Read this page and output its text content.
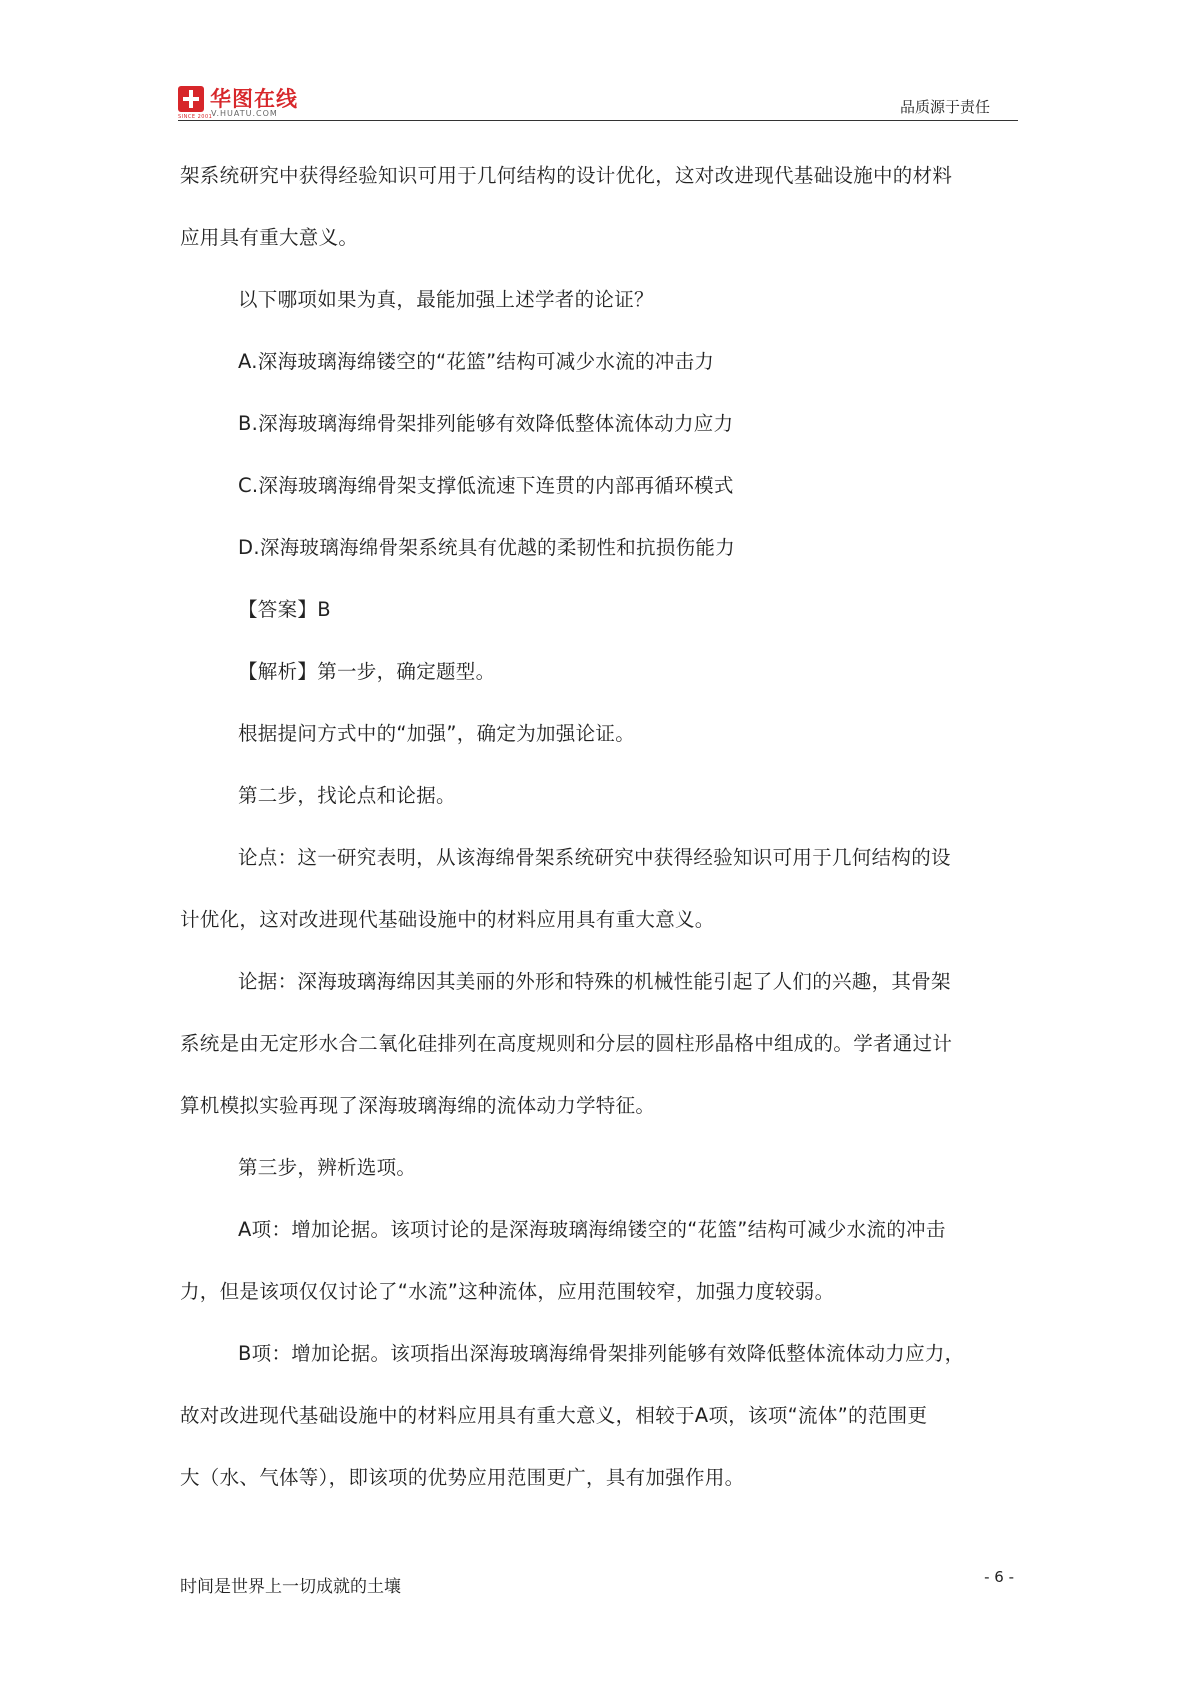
SINCE 2001
华图在线
V.HUATU.COM	品质源于责任
架系统研究中获得经验知识可用于几何结构的设计优化，这对改进现代基础设施中的材料
应用具有重大意义。
以下哪项如果为真，最能加强上述学者的论证？
A.深海玻璃海绵镂空的“花篮”结构可减少水流的冲击力
B.深海玻璃海绵骨架排列能够有效降低整体流体动力应力
C.深海玻璃海绵骨架支撑低流速下连贯的内部再循环模式
D.深海玻璃海绵骨架系统具有优越的柔韧性和抗损伤能力
【答案】B
【解析】第一步，确定题型。
根据提问方式中的“加强”，确定为加强论证。
第二步，找论点和论据。
论点：这一研究表明，从该海绵骨架系统研究中获得经验知识可用于几何结构的设
计优化，这对改进现代基础设施中的材料应用具有重大意义。
论据：深海玻璃海绵因其美丽的外形和特殊的机械性能引起了人们的兴趣，其骨架
系统是由无定形水合二氧化硅排列在高度规则和分层的圆柱形晶格中组成的。学者通过计
算机模拟实验再现了深海玻璃海绵的流体动力学特征。
第三步，辨析选项。
A项：增加论据。该项讨论的是深海玻璃海绵镂空的“花篮”结构可减少水流的冲击
力，但是该项仅仅讨论了“水流”这种流体，应用范围较窄，加强力度较弱。
B项：增加论据。该项指出深海玻璃海绵骨架排列能够有效降低整体流体动力应力，
故对改进现代基础设施中的材料应用具有重大意义，相较于A项，该项“流体”的范围更
大（水、气体等），即该项的优势应用范围更广，具有加强作用。
时间是世界上一切成就的土壤	- 6 -
